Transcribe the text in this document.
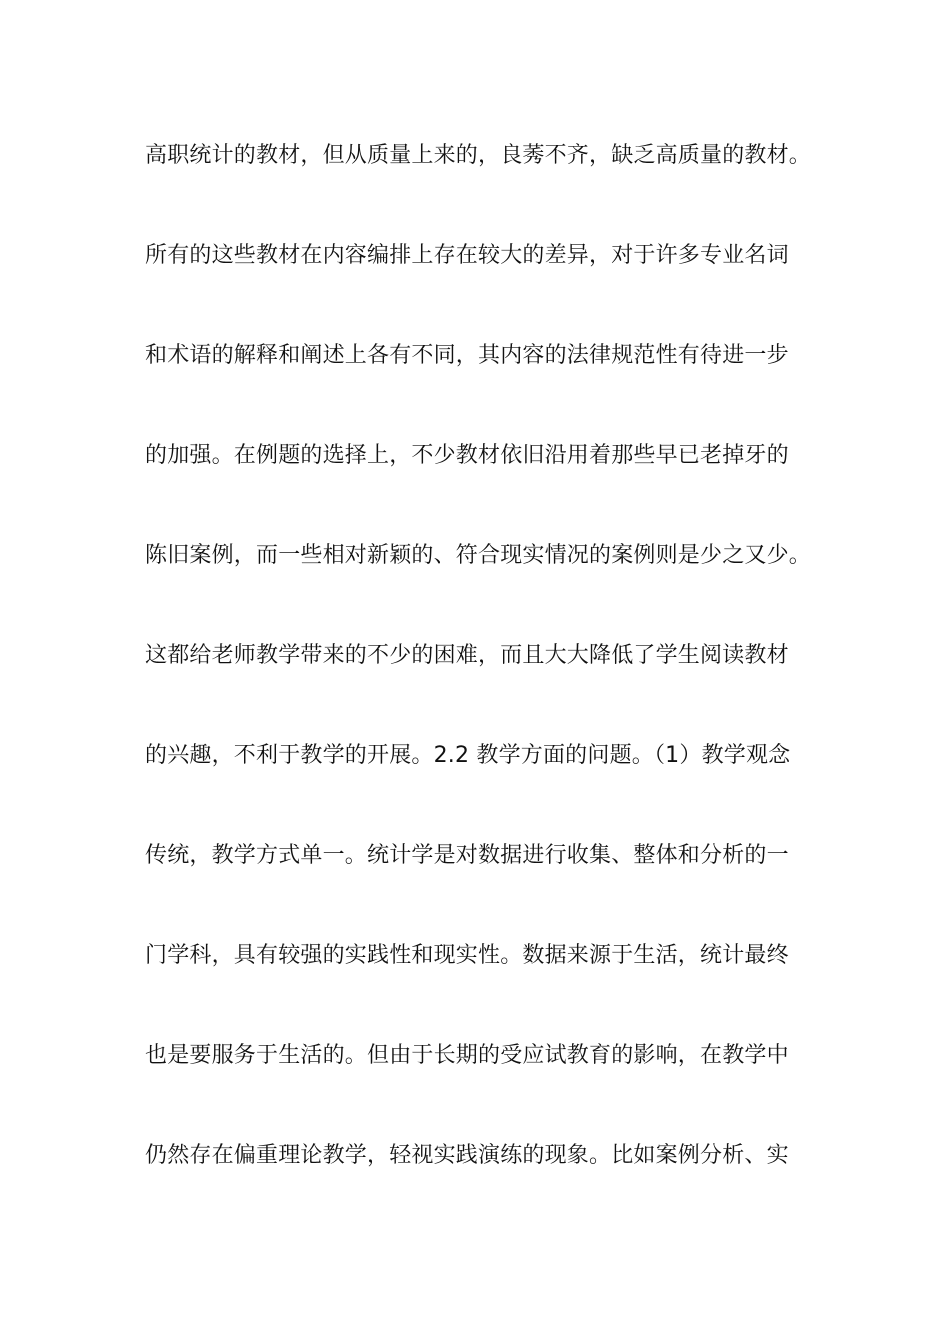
高职统计的教材，但从质量上来的，良莠不齐，缺乏高质量的教材。
所有的这些教材在内容编排上存在较大的差异，对于许多专业名词
和术语的解释和阐述上各有不同，其内容的法律规范性有待进一步
的加强。在例题的选择上，不少教材依旧沿用着那些早已老掉牙的
陈旧案例，而一些相对新颖的、符合现实情况的案例则是少之又少。
这都给老师教学带来的不少的困难，而且大大降低了学生阅读教材
的兴趣，不利于教学的开展。2.2 教学方面的问题。（1）教学观念
传统，教学方式单一。统计学是对数据进行收集、整体和分析的一
门学科，具有较强的实践性和现实性。数据来源于生活，统计最终
也是要服务于生活的。但由于长期的受应试教育的影响，在教学中
仍然存在偏重理论教学，轻视实践演练的现象。比如案例分析、实
